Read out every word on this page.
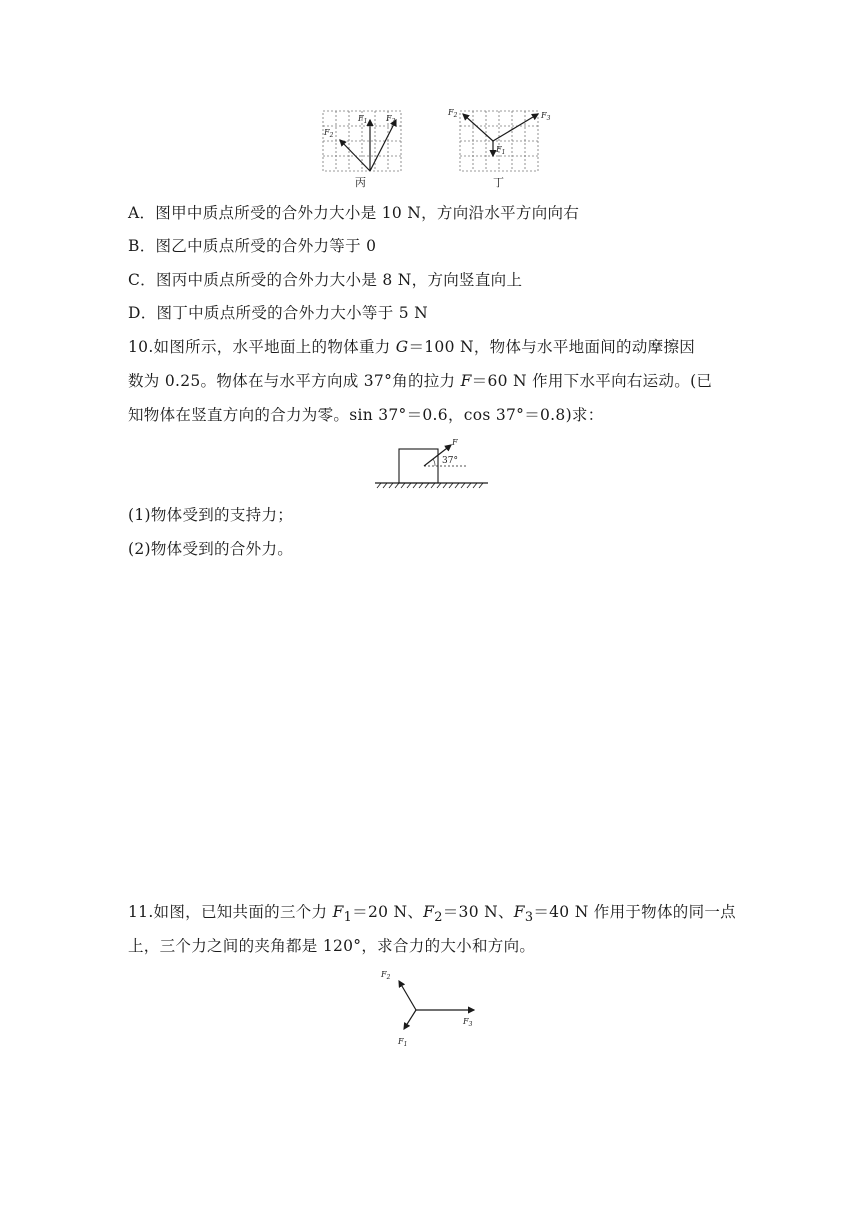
$F_1$
$F_2$
$F_3$
丙
$F_1$
$F_2$	$F_3$
丁
A．图甲中质点所受的合外力大小是 10 N，方向沿水平方向向右
B．图乙中质点所受的合外力等于 0
C．图丙中质点所受的合外力大小是 8 N，方向竖直向上
D．图丁中质点所受的合外力大小等于 5 N
10.如图所示，水平地面上的物体重力 G＝100 N，物体与水平地面间的动摩擦因
数为 0.25。物体在与水平方向成 37°角的拉力 F＝60 N 作用下水平向右运动。(已
知物体在竖直方向的合力为零。sin 37°＝0.6，cos 37°＝0.8)求：
F
37°
(1)物体受到的支持力；
(2)物体受到的合外力。
11.如图，已知共面的三个力 $F_1=20$ N、$F_2=30$ N、$F_3=40$ N 作用于物体的同一点
上，三个力之间的夹角都是 120°，求合力的大小和方向。
$F_1$
$F_2$
$F_3$
